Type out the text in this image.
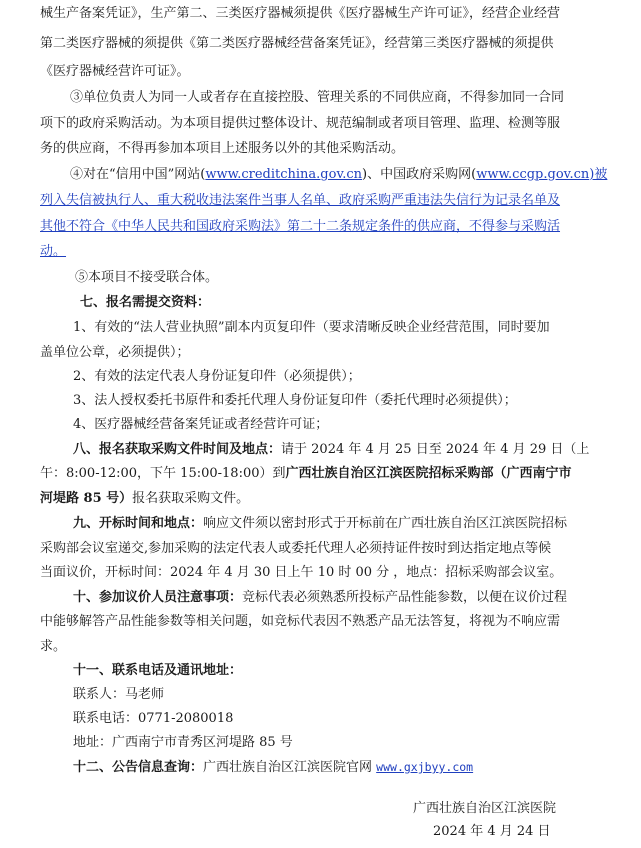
械生产备案凭证》，生产第二、三类医疗器械须提供《医疗器械生产许可证》，经营企业经营
第二类医疗器械的须提供《第二类医疗器械经营备案凭证》，经营第三类医疗器械的须提供
《医疗器械经营许可证》。
③单位负责人为同一人或者存在直接控股、管理关系的不同供应商，不得参加同一合同
项下的政府采购活动。为本项目提供过整体设计、规范编制或者项目管理、监理、检测等服
务的供应商，不得再参加本项目上述服务以外的其他采购活动。
④对在“信用中国”网站(www.creditchina.gov.cn)、中国政府采购网(www.ccgp.gov.cn)被
列入失信被执行人、重大税收违法案件当事人名单、政府采购严重违法失信行为记录名单及
其他不符合《中华人民共和国政府采购法》第二十二条规定条件的供应商，不得参与采购活
动。
⑤本项目不接受联合体。
七、报名需提交资料：
1、有效的“法人营业执照”副本内页复印件（要求清晰反映企业经营范围，同时要加
盖单位公章，必须提供）；
2、有效的法定代表人身份证复印件（必须提供）；
3、法人授权委托书原件和委托代理人身份证复印件（委托代理时必须提供）；
4、医疗器械经营备案凭证或者经营许可证；
八、报名获取采购文件时间及地点：请于 2024 年 4 月 25 日至 2024 年 4 月 29 日（上
午：8:00-12:00，下午 15:00-18:00）到广西壮族自治区江滨医院招标采购部（广西南宁市
河堤路 85 号）报名获取采购文件。
九、开标时间和地点：响应文件须以密封形式于开标前在广西壮族自治区江滨医院招标
采购部会议室递交,参加采购的法定代表人或委托代理人必须持证件按时到达指定地点等候
当面议价，开标时间：2024 年 4 月 30 日上午 10 时 00 分 ，地点：招标采购部会议室。
十、参加议价人员注意事项：竞标代表必须熟悉所投标产品性能参数，以便在议价过程
中能够解答产品性能参数等相关问题，如竞标代表因不熟悉产品无法答复，将视为不响应需
求。
十一、联系电话及通讯地址：
联系人：马老师
联系电话：0771-2080018
地址：广西南宁市青秀区河堤路 85 号
十二、公告信息查询：广西壮族自治区江滨医院官网 www.gxjbyy.com
广西壮族自治区江滨医院
2024 年 4 月 24 日
